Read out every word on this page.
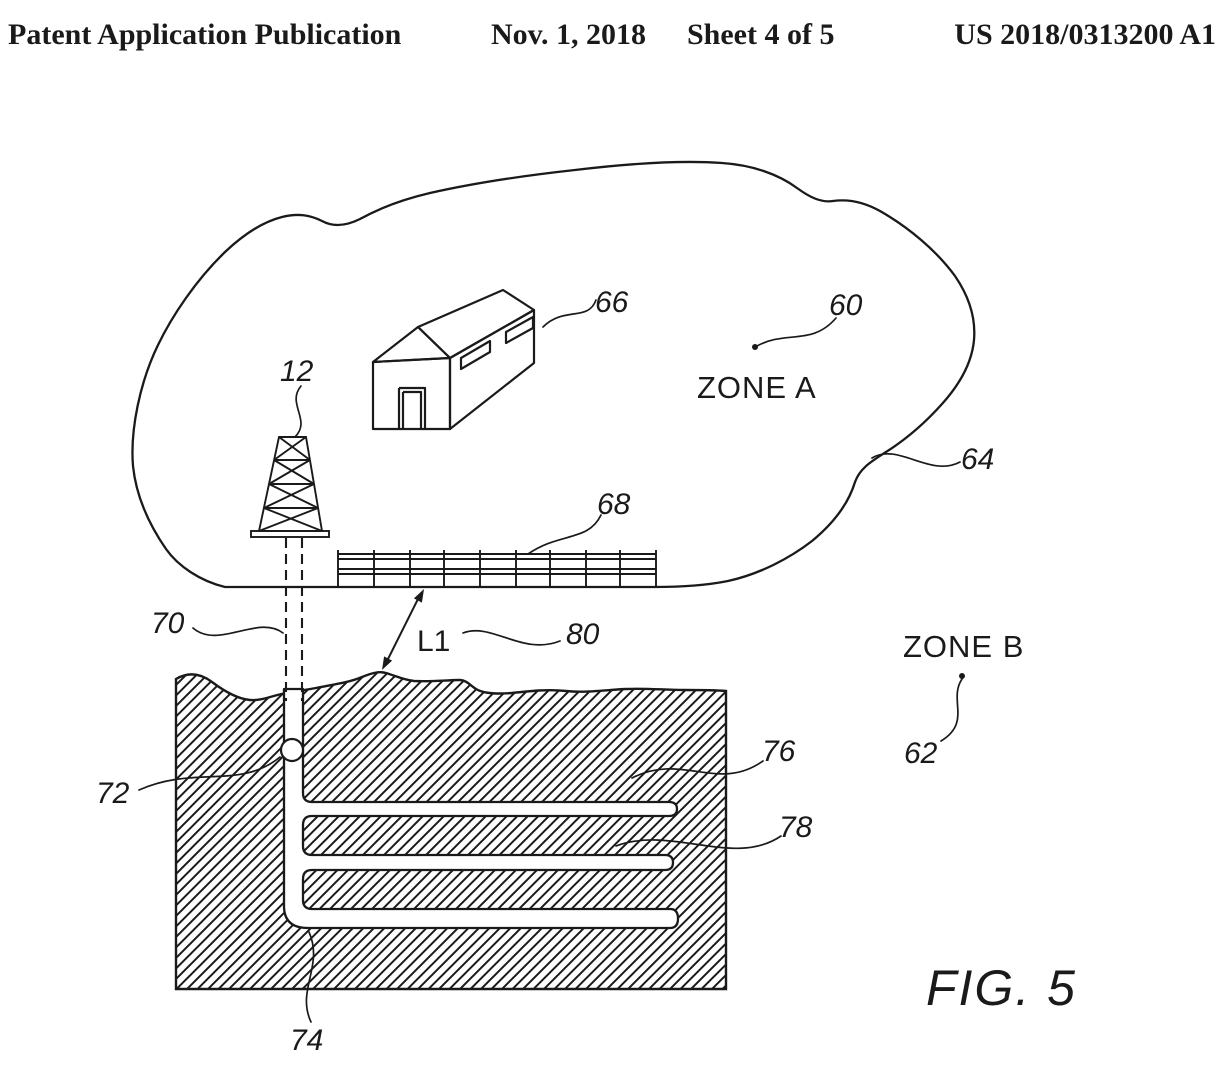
Patent Application Publication	Nov. 1, 2018 Sheet 4 of 5	US 2018/0313200 A1
12
66	60
64
68
70	80
72
76
78
62
74
ZONE A
ZONE B
L1
FIG. 5
